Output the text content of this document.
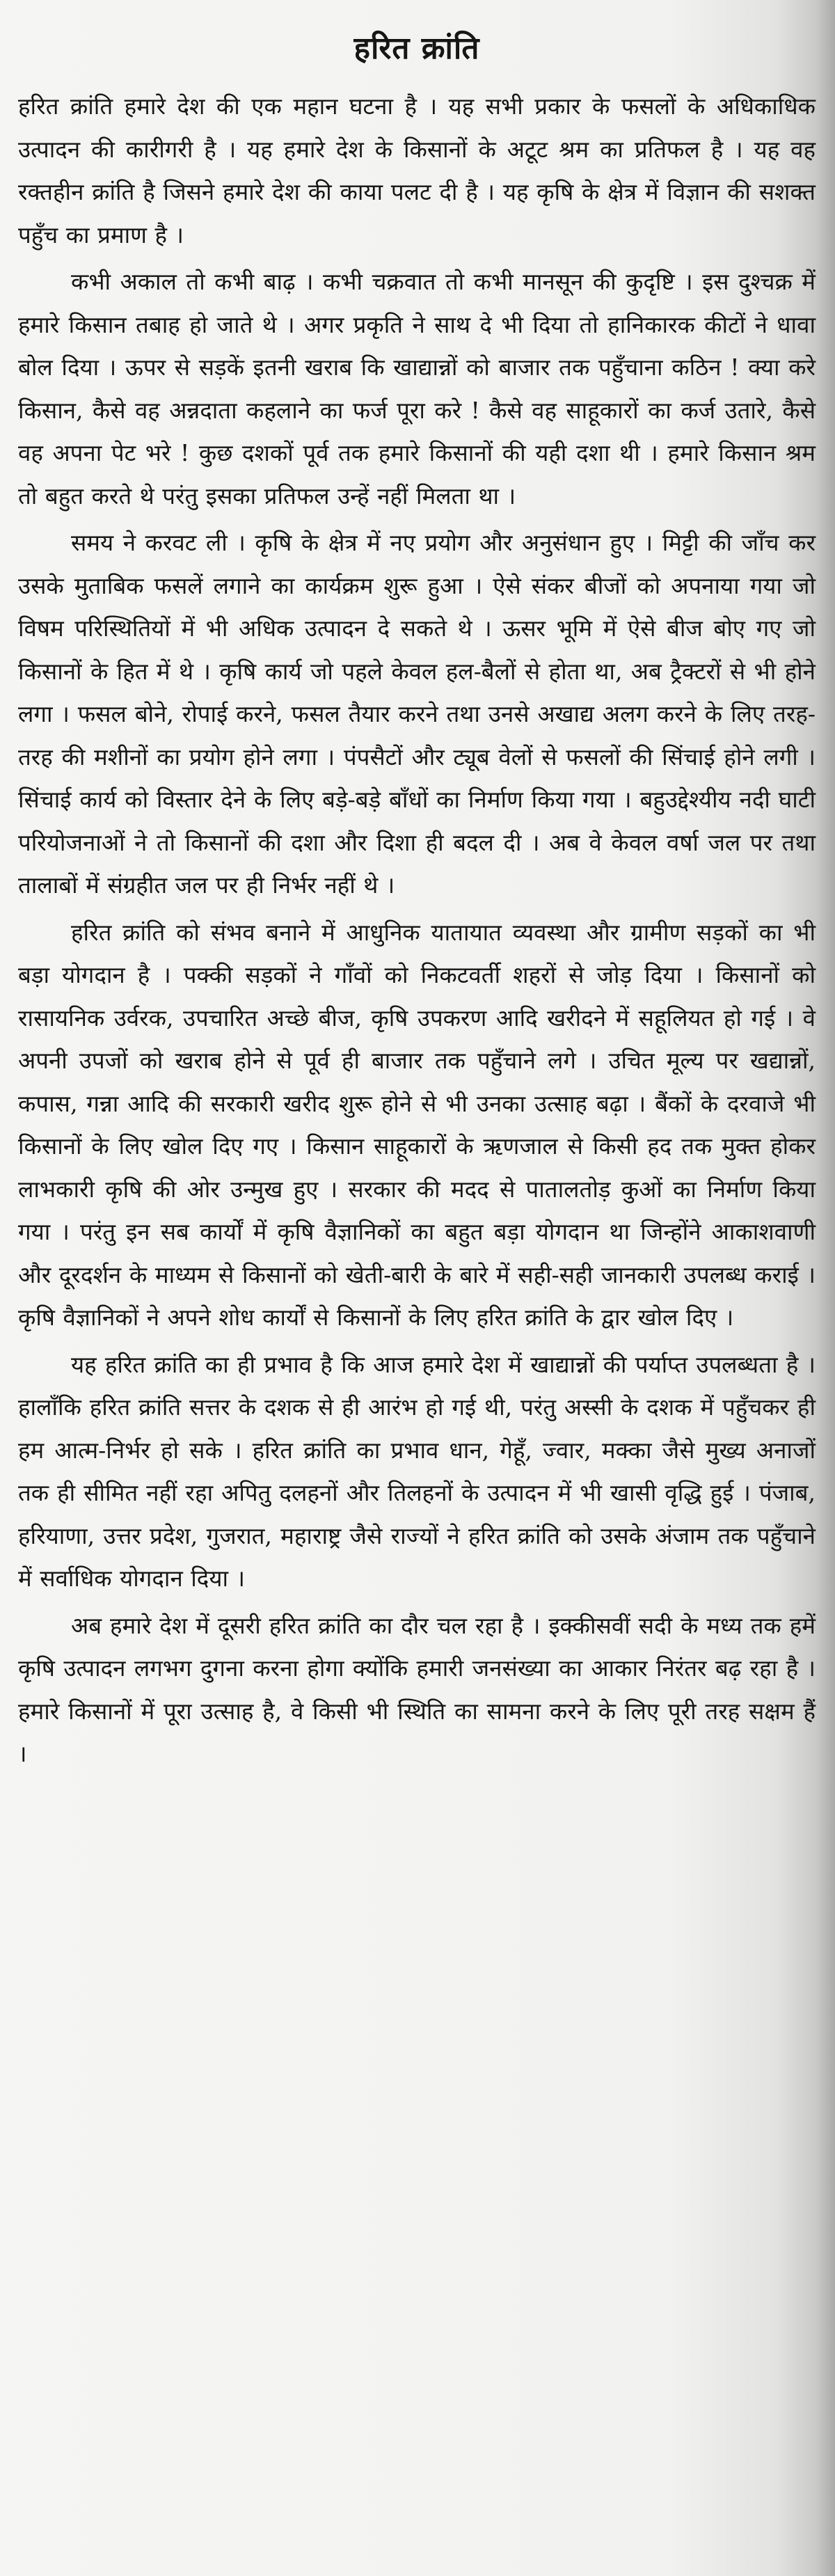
हरित क्रांति

हरित क्रांति हमारे देश की एक महान घटना है । यह सभी प्रकार के फसलों के अधिकाधिक उत्पादन की कारीगरी है । यह हमारे देश के किसानों के अटूट श्रम का प्रतिफल है । यह वह रक्तहीन क्रांति है जिसने हमारे देश की काया पलट दी है । यह कृषि के क्षेत्र में विज्ञान की सशक्त पहुँच का प्रमाण है ।

कभी अकाल तो कभी बाढ़ । कभी चक्रवात तो कभी मानसून की कुदृष्टि । इस दुश्चक्र में हमारे किसान तबाह हो जाते थे । अगर प्रकृति ने साथ दे भी दिया तो हानिकारक कीटों ने धावा बोल दिया । ऊपर से सड़कें इतनी खराब कि खाद्यान्नों को बाजार तक पहुँचाना कठिन ! क्या करे किसान, कैसे वह अन्नदाता कहलाने का फर्ज पूरा करे ! कैसे वह साहूकारों का कर्ज उतारे, कैसे वह अपना पेट भरे ! कुछ दशकों पूर्व तक हमारे किसानों की यही दशा थी । हमारे किसान श्रम तो बहुत करते थे परंतु इसका प्रतिफल उन्हें नहीं मिलता था ।

समय ने करवट ली । कृषि के क्षेत्र में नए प्रयोग और अनुसंधान हुए । मिट्टी की जाँच कर उसके मुताबिक फसलें लगाने का कार्यक्रम शुरू हुआ । ऐसे संकर बीजों को अपनाया गया जो विषम परिस्थितियों में भी अधिक उत्पादन दे सकते थे । ऊसर भूमि में ऐसे बीज बोए गए जो किसानों के हित में थे । कृषि कार्य जो पहले केवल हल-बैलों से होता था, अब ट्रैक्टरों से भी होने लगा । फसल बोने, रोपाई करने, फसल तैयार करने तथा उनसे अखाद्य अलग करने के लिए तरह-तरह की मशीनों का प्रयोग होने लगा । पंपसैटों और ट्यूब वेलों से फसलों की सिंचाई होने लगी । सिंचाई कार्य को विस्तार देने के लिए बड़े-बड़े बाँधों का निर्माण किया गया । बहुउद्देश्यीय नदी घाटी परियोजनाओं ने तो किसानों की दशा और दिशा ही बदल दी । अब वे केवल वर्षा जल पर तथा तालाबों में संग्रहीत जल पर ही निर्भर नहीं थे ।

हरित क्रांति को संभव बनाने में आधुनिक यातायात व्यवस्था और ग्रामीण सड़कों का भी बड़ा योगदान है । पक्की सड़कों ने गाँवों को निकटवर्ती शहरों से जोड़ दिया । किसानों को रासायनिक उर्वरक, उपचारित अच्छे बीज, कृषि उपकरण आदि खरीदने में सहूलियत हो गई । वे अपनी उपजों को खराब होने से पूर्व ही बाजार तक पहुँचाने लगे । उचित मूल्य पर खद्यान्नों, कपास, गन्ना आदि की सरकारी खरीद शुरू होने से भी उनका उत्साह बढ़ा । बैंकों के दरवाजे भी किसानों के लिए खोल दिए गए । किसान साहूकारों के ऋणजाल से किसी हद तक मुक्त होकर लाभकारी कृषि की ओर उन्मुख हुए । सरकार की मदद से पातालतोड़ कुओं का निर्माण किया गया । परंतु इन सब कार्यों में कृषि वैज्ञानिकों का बहुत बड़ा योगदान था जिन्होंने आकाशवाणी और दूरदर्शन के माध्यम से किसानों को खेती-बारी के बारे में सही-सही जानकारी उपलब्ध कराई । कृषि वैज्ञानिकों ने अपने शोध कार्यों से किसानों के लिए हरित क्रांति के द्वार खोल दिए ।

यह हरित क्रांति का ही प्रभाव है कि आज हमारे देश में खाद्यान्नों की पर्याप्त उपलब्धता है । हालाँकि हरित क्रांति सत्तर के दशक से ही आरंभ हो गई थी, परंतु अस्सी के दशक में पहुँचकर ही हम आत्म-निर्भर हो सके । हरित क्रांति का प्रभाव धान, गेहूँ, ज्वार, मक्का जैसे मुख्य अनाजों तक ही सीमित नहीं रहा अपितु दलहनों और तिलहनों के उत्पादन में भी खासी वृद्धि हुई । पंजाब, हरियाणा, उत्तर प्रदेश, गुजरात, महाराष्ट्र जैसे राज्यों ने हरित क्रांति को उसके अंजाम तक पहुँचाने में सर्वाधिक योगदान दिया ।

अब हमारे देश में दूसरी हरित क्रांति का दौर चल रहा है । इक्कीसवीं सदी के मध्य तक हमें कृषि उत्पादन लगभग दुगना करना होगा क्योंकि हमारी जनसंख्या का आकार निरंतर बढ़ रहा है । हमारे किसानों में पूरा उत्साह है, वे किसी भी स्थिति का सामना करने के लिए पूरी तरह सक्षम हैं ।
